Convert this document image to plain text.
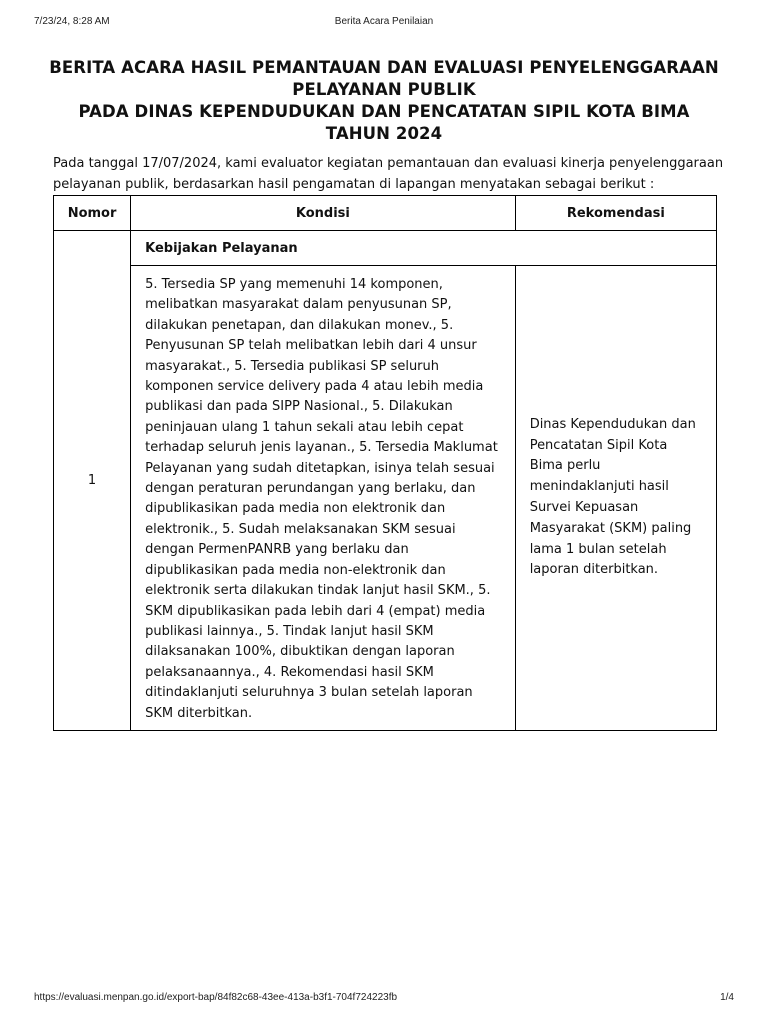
7/23/24, 8:28 AM	Berita Acara Penilaian
BERITA ACARA HASIL PEMANTAUAN DAN EVALUASI PENYELENGGARAAN
PELAYANAN PUBLIK
PADA DINAS KEPENDUDUKAN DAN PENCATATAN SIPIL KOTA BIMA
TAHUN 2024

Pada tanggal 17/07/2024, kami evaluator kegiatan pemantauan dan evaluasi kinerja penyelenggaraan pelayanan publik, berdasarkan hasil pengamatan di lapangan menyatakan sebagai berikut :

Nomor	Kondisi	Rekomendasi
1	Kebijakan Pelayanan	
	5. Tersedia SP yang memenuhi 14 komponen, melibatkan masyarakat dalam penyusunan SP, dilakukan penetapan, dan dilakukan monev., 5. Penyusunan SP telah melibatkan lebih dari 4 unsur masyarakat., 5. Tersedia publikasi SP seluruh komponen service delivery pada 4 atau lebih media publikasi dan pada SIPP Nasional., 5. Dilakukan peninjauan ulang 1 tahun sekali atau lebih cepat terhadap seluruh jenis layanan., 5. Tersedia Maklumat Pelayanan yang sudah ditetapkan, isinya telah sesuai dengan peraturan perundangan yang berlaku, dan dipublikasikan pada media non elektronik dan elektronik., 5. Sudah melaksanakan SKM sesuai dengan PermenPANRB yang berlaku dan dipublikasikan pada media non-elektronik dan elektronik serta dilakukan tindak lanjut hasil SKM., 5. SKM dipublikasikan pada lebih dari 4 (empat) media publikasi lainnya., 5. Tindak lanjut hasil SKM dilaksanakan 100%, dibuktikan dengan laporan pelaksanaannya., 4. Rekomendasi hasil SKM ditindaklanjuti seluruhnya 3 bulan setelah laporan SKM diterbitkan.	Dinas Kependudukan dan Pencatatan Sipil Kota Bima perlu menindaklanjuti hasil Survei Kepuasan Masyarakat (SKM) paling lama 1 bulan setelah laporan diterbitkan.
https://evaluasi.menpan.go.id/export-bap/84f82c68-43ee-413a-b3f1-704f724223fb	1/4
